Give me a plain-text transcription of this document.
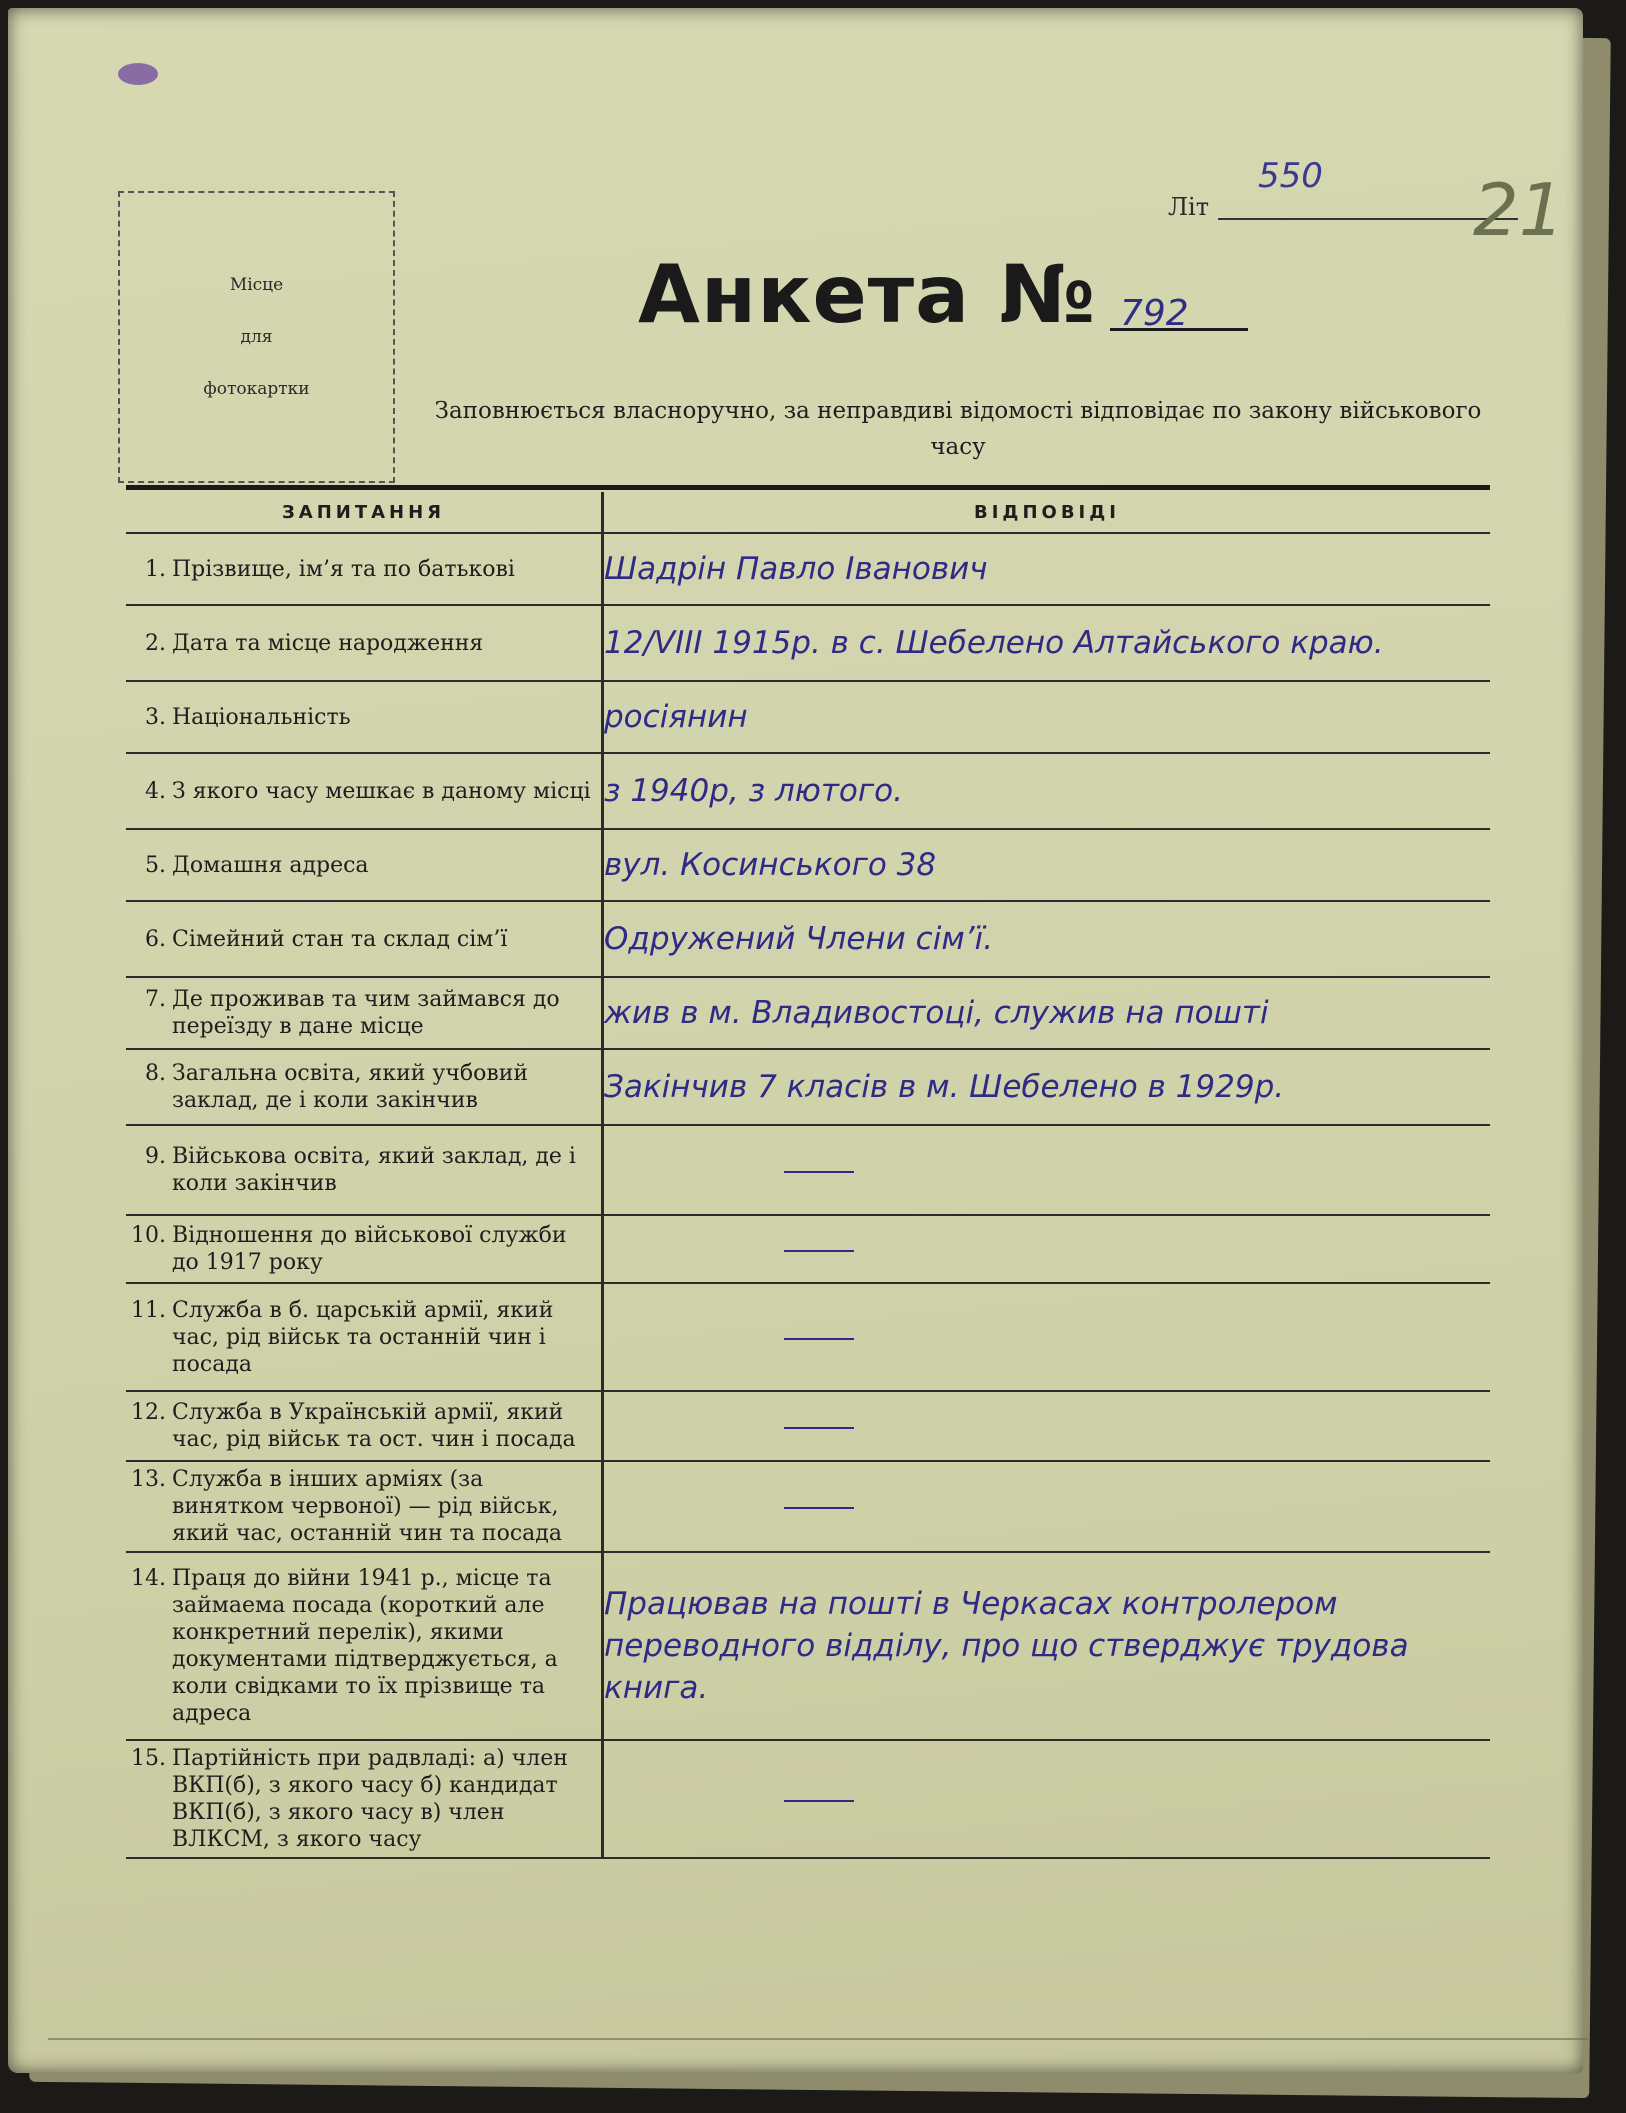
Місце
для
фотокартки
550
Літ	21
Анкета № 792
Заповнюється власноручно, за неправдиві відомості відповідає по закону військового часу
ЗАПИТАННЯ	ВІДПОВІДІ
1. Прізвище, ім’я та по батькові	Шадрін Павло Іванович
2. Дата та місце народження	12/VIII 1915р. в с. Шебелено Алтайського краю.
3. Національність	росіянин
4. З якого часу мешкає в даному місці	з 1940р, з лютого.
5. Домашня адреса	вул. Косинського 38
6. Сімейний стан та склад сім’ї	Одружений Члени сім’ї.
7. Де проживав та чим займався до переїзду в дане місце	жив в м. Владивостоці, служив на пошті
8. Загальна освіта, який учбовий заклад, де і коли закінчив	Закінчив 7 класів в м. Шебелено в 1929р.
9. Військова освіта, який заклад, де і коли закінчив	
10. Відношення до військової служби до 1917 року	
11. Служба в б. царській армії, який час, рід військ та останній чин і посада	
12. Служба в Українській армії, який час, рід військ та ост. чин і посада	
13. Служба в інших арміях (за винятком червоної) — рід військ, який час, останній чин та посада	
14. Праця до війни 1941 р., місце та займаема посада (короткий але конкретний перелік), якими документами підтверджується, а коли свідками то їх прізвище та адреса	Працював на пошті в Черкасах контролером переводного відділу, про що стверджує трудова книга.
15. Партійність при радвладі: а) член ВКП(б), з якого часу б) кандидат ВКП(б), з якого часу в) член ВЛКСМ, з якого часу	
